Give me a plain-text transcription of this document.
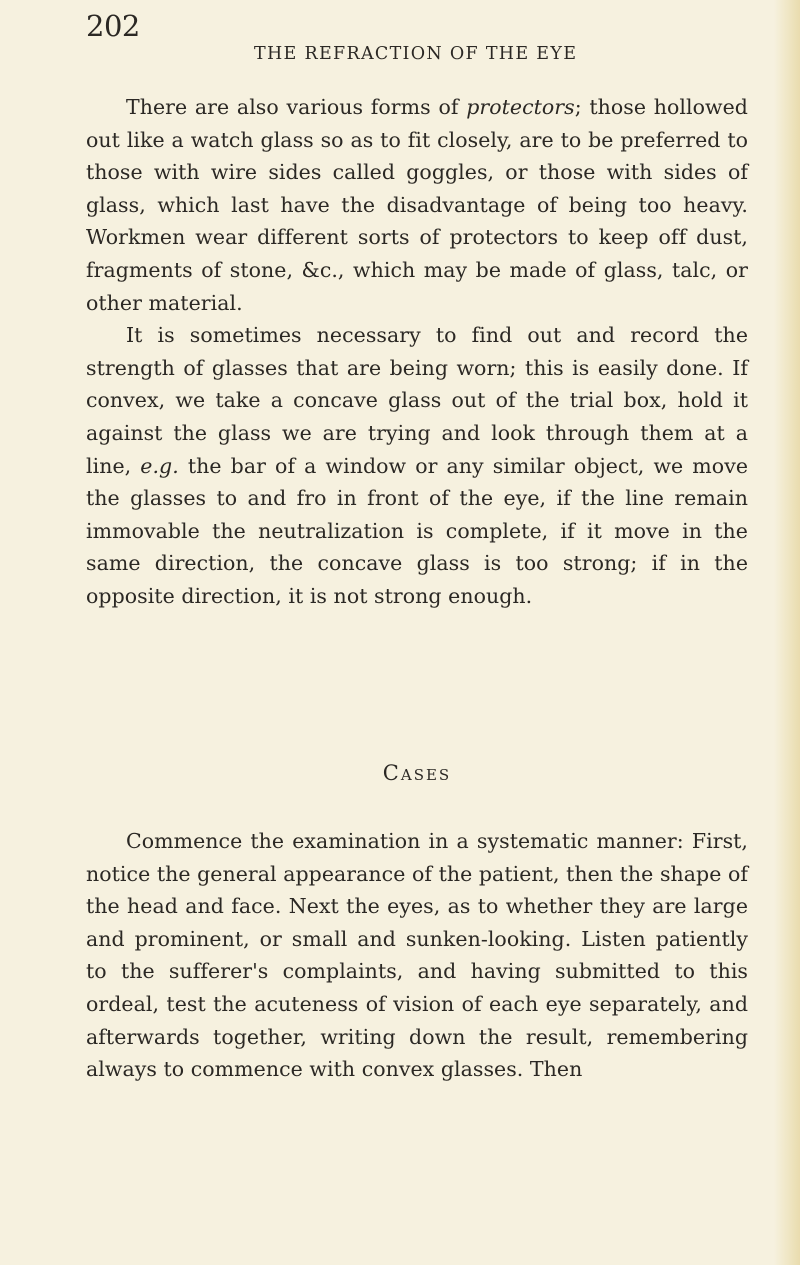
202
THE REFRACTION OF THE EYE

There are also various forms of protectors; those hollowed out like a watch glass so as to fit closely, are to be preferred to those with wire sides called goggles, or those with sides of glass, which last have the disadvantage of being too heavy. Workmen wear different sorts of protectors to keep off dust, fragments of stone, &c., which may be made of glass, talc, or other material.

It is sometimes necessary to find out and record the strength of glasses that are being worn; this is easily done. If convex, we take a concave glass out of the trial box, hold it against the glass we are trying and look through them at a line, e.g. the bar of a window or any similar object, we move the glasses to and fro in front of the eye, if the line remain immovable the neutralization is complete, if it move in the same direction, the concave glass is too strong; if in the opposite direction, it is not strong enough.

Cases

Commence the examination in a systematic manner: First, notice the general appearance of the patient, then the shape of the head and face. Next the eyes, as to whether they are large and prominent, or small and sunken-looking. Listen patiently to the sufferer's complaints, and having submitted to this ordeal, test the acuteness of vision of each eye separately, and afterwards together, writing down the result, remembering always to commence with convex glasses. Then
